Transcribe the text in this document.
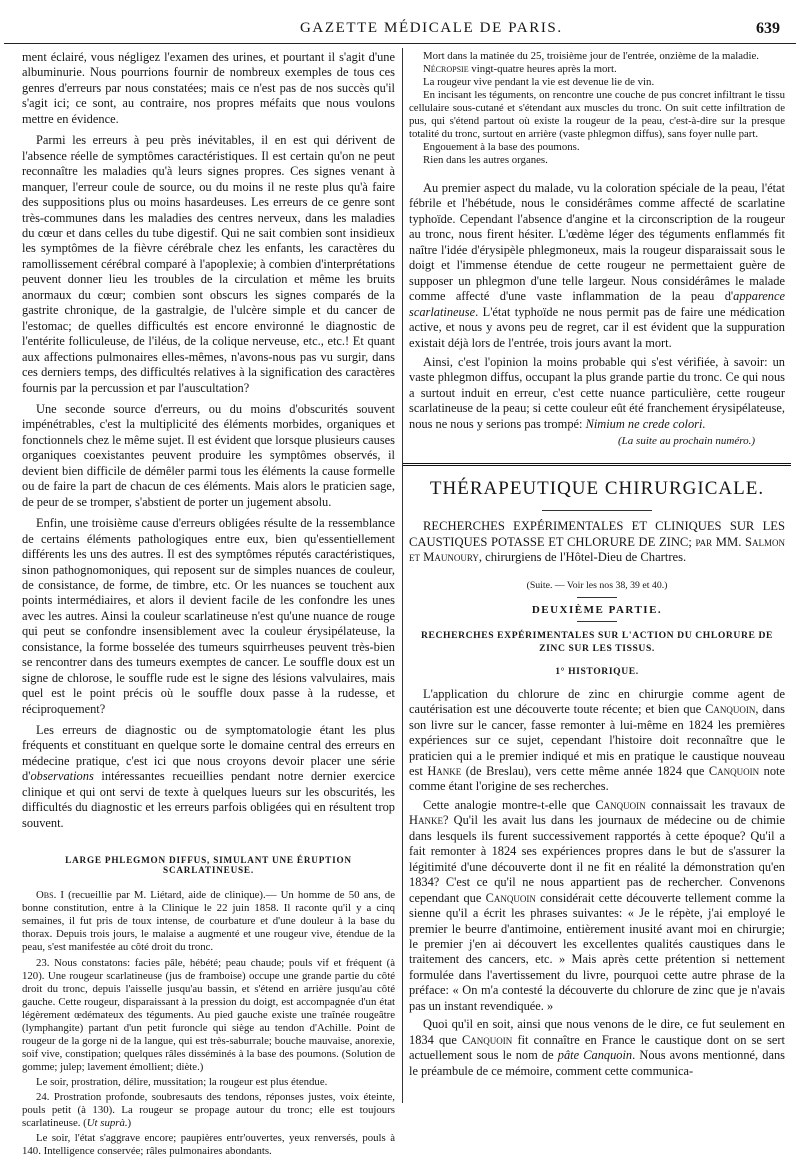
GAZETTE MÉDICALE DE PARIS.	639

ment éclairé, vous négligez l'examen des urines, et pourtant il s'agit d'une albuminurie. Nous pourrions fournir de nombreux exemples de tous ces genres d'erreurs par nous constatées; mais ce n'est pas de nos succès qu'il s'agit ici; ce sont, au contraire, nos propres méfaits que nous voulons mettre en évidence.

Parmi les erreurs à peu près inévitables, il en est qui dérivent de l'absence réelle de symptômes caractéristiques. Il est certain qu'on ne peut reconnaître les maladies qu'à leurs signes propres. Ces signes venant à manquer, l'erreur coule de source, ou du moins il ne reste plus qu'à faire des suppositions plus ou moins hasardeuses. Les erreurs de ce genre sont très-communes dans les maladies des centres nerveux, dans les maladies du cœur et dans celles du tube digestif. Qui ne sait combien sont insidieux les symptômes de la fièvre cérébrale chez les enfants, les caractères du ramollissement cérébral comparé à l'apoplexie; à combien d'interprétations peuvent donner lieu les troubles de la circulation et même les bruits anormaux du cœur; combien sont obscurs les signes comparés de la gastrite chronique, de la gastralgie, de l'ulcère simple et du cancer de l'estomac; de quelles difficultés est encore environné le diagnostic de l'entérite folliculeuse, de l'iléus, de la colique nerveuse, etc., etc.! Et quant aux affections pulmonaires elles-mêmes, n'avons-nous pas vu surgir, dans ces derniers temps, des difficultés relatives à la signification des caractères fournis par la percussion et par l'auscultation?

Une seconde source d'erreurs, ou du moins d'obscurités souvent impénétrables, c'est la multiplicité des éléments morbides, organiques et fonctionnels chez le même sujet. Il est évident que lorsque plusieurs causes organiques coexistantes peuvent produire les symptômes observés, il devient bien difficile de démêler parmi tous les éléments la cause formelle ou de faire la part de chacun de ces éléments. Mais alors le praticien sage, de peur de se tromper, s'abstient de porter un jugement absolu.

Enfin, une troisième cause d'erreurs obligées résulte de la ressemblance de certains éléments pathologiques entre eux, bien qu'essentiellement différents les uns des autres. Il est des symptômes réputés caractéristiques, sinon pathognomoniques, qui reposent sur de simples nuances de couleur, de consistance, de forme, de timbre, etc. Or les nuances se touchent aux points intermédiaires, et alors il devient facile de les confondre les unes avec les autres. Ainsi la couleur scarlatineuse n'est qu'une nuance de rouge qui peut se confondre insensiblement avec la couleur érysipélateuse, la consistance, la forme bosselée des tumeurs squirrheuses peuvent très-bien se rencontrer dans des tumeurs exemptes de cancer. Le souffle doux est un signe de chlorose, le souffle rude est le signe des lésions valvulaires, mais quel est le point précis où le souffle doux passe à la rudesse, et réciproquement?

Les erreurs de diagnostic ou de symptomatologie étant les plus fréquents et constituant en quelque sorte le domaine central des erreurs en médecine pratique, c'est ici que nous croyons devoir placer une série d'observations intéressantes recueillies pendant notre dernier exercice clinique et qui ont servi de texte à quelques lueurs sur les obscurités, les difficultés du diagnostic et les erreurs parfois obligées qui en résultent trop souvent.

LARGE PHLEGMON DIFFUS, SIMULANT UNE ÉRUPTION SCARLATINEUSE.

Obs. I (recueillie par M. Liétard, aide de clinique).— Un homme de 50 ans, de bonne constitution, entre à la Clinique le 22 juin 1858. Il raconte qu'il y a cinq semaines, il fut pris de toux intense, de courbature et d'une douleur à la base du thorax. Depuis trois jours, le malaise a augmenté et une rougeur vive, étendue de la peau, s'est manifestée au côté droit du tronc.

23. Nous constatons: facies pâle, hébété; peau chaude; pouls vif et fréquent (à 120). Une rougeur scarlatineuse (jus de framboise) occupe une grande partie du côté droit du tronc, depuis l'aisselle jusqu'au bassin, et s'étend en arrière jusqu'au côté gauche. Cette rougeur, disparaissant à la pression du doigt, est accompagnée d'un état légèrement œdémateux des téguments. Au pied gauche existe une traînée rougeâtre (lymphangite) partant d'un petit furoncle qui siège au tendon d'Achille. Point de rougeur de la gorge ni de la langue, qui est très-saburrale; bouche mauvaise, anorexie, soif vive, constipation; quelques râles disséminés à la base des poumons. (Solution de gomme; julep; lavement émollient; diète.)

Le soir, prostration, délire, mussitation; la rougeur est plus étendue.

24. Prostration profonde, soubresauts des tendons, réponses justes, voix éteinte, pouls petit (à 130). La rougeur se propage autour du tronc; elle est toujours scarlatineuse. (Ut suprà.)

Le soir, l'état s'aggrave encore; paupières entr'ouvertes, yeux renversés, pouls à 140. Intelligence conservée; râles pulmonaires abondants.

Mort dans la matinée du 25, troisième jour de l'entrée, onzième de la maladie.

Nécropsie vingt-quatre heures après la mort.

La rougeur vive pendant la vie est devenue lie de vin.

En incisant les téguments, on rencontre une couche de pus concret infiltrant le tissu cellulaire sous-cutané et s'étendant aux muscles du tronc. On suit cette infiltration de pus, qui s'étend partout où existe la rougeur de la peau, c'est-à-dire sur la presque totalité du tronc, surtout en arrière (vaste phlegmon diffus), sans foyer nulle part.

Engouement à la base des poumons.

Rien dans les autres organes.

Au premier aspect du malade, vu la coloration spéciale de la peau, l'état fébrile et l'hébétude, nous le considérâmes comme affecté de scarlatine typhoïde. Cependant l'absence d'angine et la circonscription de la rougeur au tronc, nous firent hésiter. L'œdème léger des téguments enflammés fit naître l'idée d'érysipèle phlegmoneux, mais la rougeur disparaissait sous le doigt et l'immense étendue de cette rougeur ne permettaient guère de supposer un phlegmon d'une telle largeur. Nous considérâmes le malade comme affecté d'une vaste inflammation de la peau d'apparence scarlatineuse. L'état typhoïde ne nous permit pas de faire une médication active, et nous y avons peu de regret, car il est évident que la suppuration existait déjà lors de l'entrée, trois jours avant la mort.

Ainsi, c'est l'opinion la moins probable qui s'est vérifiée, à savoir: un vaste phlegmon diffus, occupant la plus grande partie du tronc. Ce qui nous a surtout induit en erreur, c'est cette nuance particulière, cette rougeur scarlatineuse de la peau; si cette couleur eût été franchement érysipélateuse, nous ne nous y serions pas trompé: Nimium ne crede colori.

(La suite au prochain numéro.)

THÉRAPEUTIQUE CHIRURGICALE.

RECHERCHES EXPÉRIMENTALES ET CLINIQUES SUR LES CAUSTIQUES POTASSE ET CHLORURE DE ZINC; par MM. Salmon et Maunoury, chirurgiens de l'Hôtel-Dieu de Chartres.

(Suite. — Voir les nos 38, 39 et 40.)

DEUXIÈME PARTIE.

RECHERCHES EXPÉRIMENTALES SUR L'ACTION DU CHLORURE DE ZINC SUR LES TISSUS.

1° HISTORIQUE.

L'application du chlorure de zinc en chirurgie comme agent de cautérisation est une découverte toute récente; et bien que Canquoin, dans son livre sur le cancer, fasse remonter à lui-même en 1824 les premières expériences sur ce sujet, cependant l'histoire doit reconnaître que le praticien qui a le premier indiqué et mis en pratique le caustique nouveau est Hanke (de Breslau), vers cette même année 1824 que Canquoin note comme étant l'origine de ses recherches.

Cette analogie montre-t-elle que Canquoin connaissait les travaux de Hanke? Qu'il les avait lus dans les journaux de médecine ou de chimie dans lesquels ils furent successivement rapportés à cette époque? Qu'il a fait remonter à 1824 ses expériences propres dans le but de s'assurer la légitimité d'une découverte dont il ne fit en réalité la démonstration qu'en 1834? C'est ce qu'il ne nous appartient pas de rechercher. Convenons cependant que Canquoin considérait cette découverte tellement comme la sienne qu'il a écrit les phrases suivantes: « Je le répète, j'ai employé le premier le beurre d'antimoine, entièrement inusité avant moi en chirurgie; le premier j'en ai découvert les excellentes qualités caustiques dans le traitement des cancers, etc. » Mais après cette prétention si nettement formulée dans l'avertissement du livre, pourquoi cette autre phrase de la préface: « On m'a contesté la découverte du chlorure de zinc que je n'avais pas un instant revendiquée. »

Quoi qu'il en soit, ainsi que nous venons de le dire, ce fut seulement en 1834 que Canquoin fit connaître en France le caustique dont on se sert actuellement sous le nom de pâte Canquoin. Nous avons mentionné, dans le préambule de ce mémoire, comment cette communica-
